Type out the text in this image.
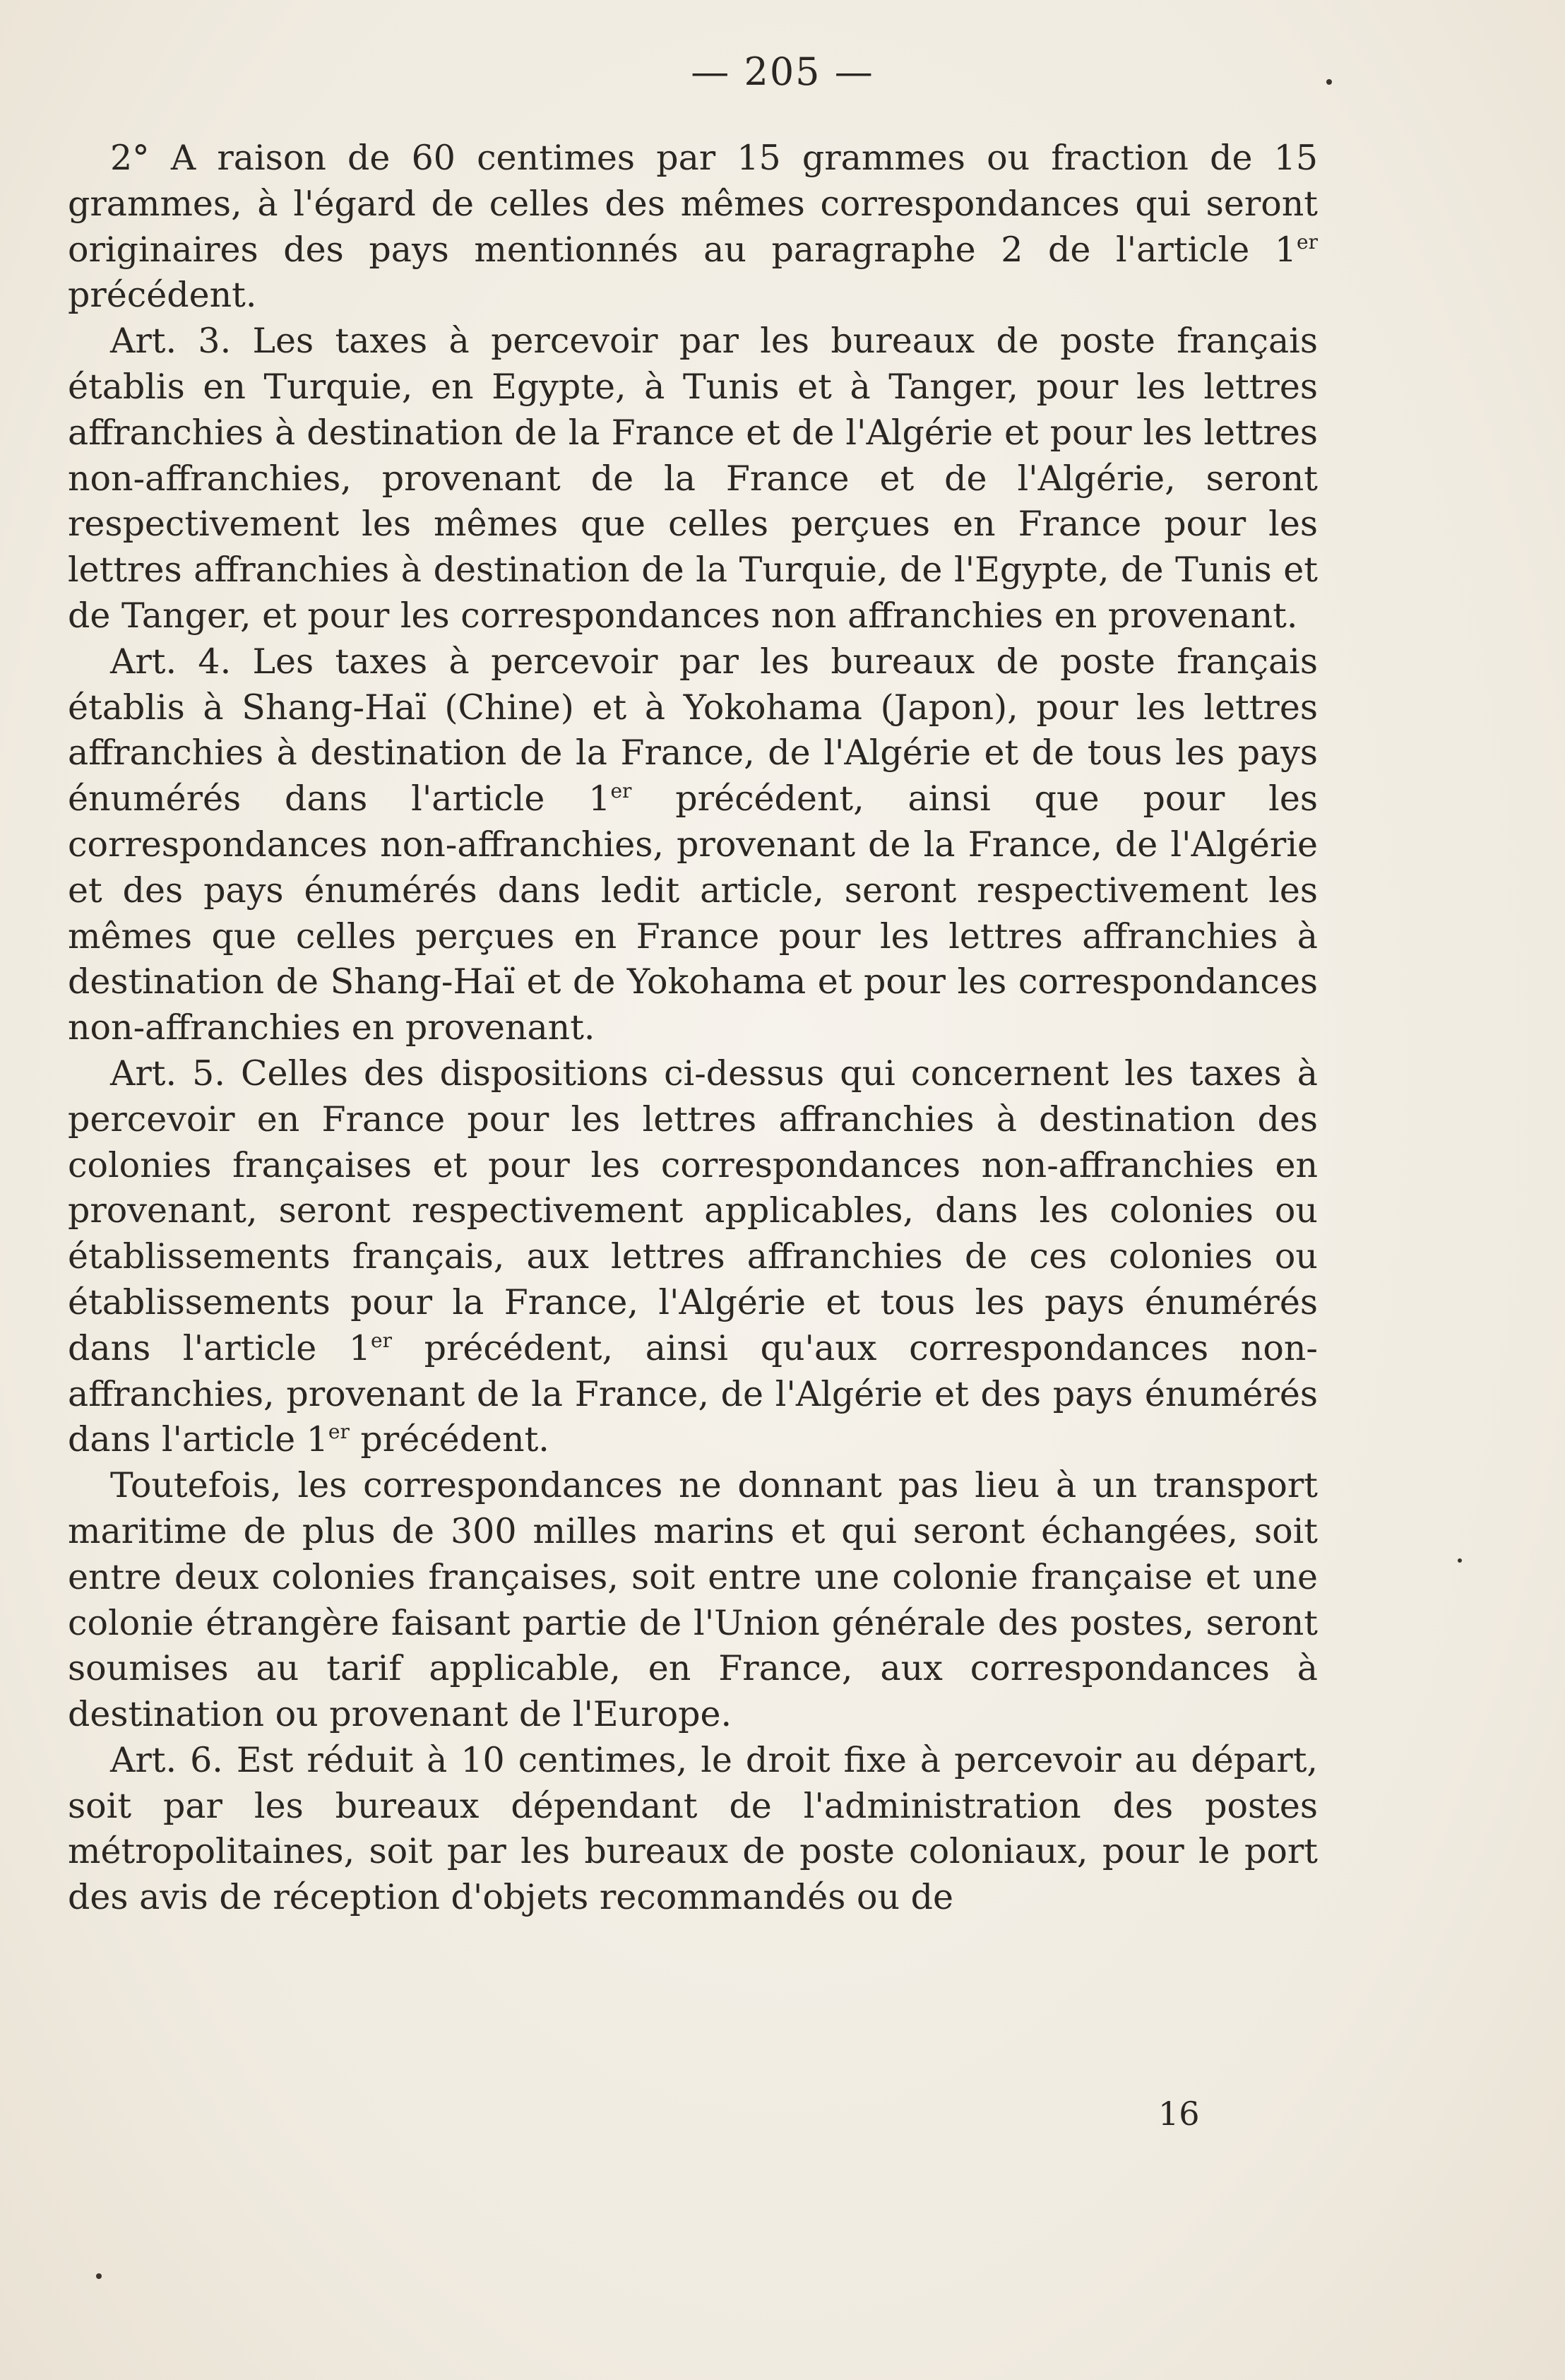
— 205 —

2° A raison de 60 centimes par 15 grammes ou fraction de 15 grammes, à l'égard de celles des mêmes correspondances qui seront originaires des pays mentionnés au paragraphe 2 de l'article 1er précédent.

Art. 3. Les taxes à percevoir par les bureaux de poste français établis en Turquie, en Egypte, à Tunis et à Tanger, pour les lettres affranchies à destination de la France et de l'Algérie et pour les lettres non-affranchies, provenant de la France et de l'Algérie, seront respectivement les mêmes que celles perçues en France pour les lettres affranchies à destination de la Turquie, de l'Egypte, de Tunis et de Tanger, et pour les correspondances non affranchies en provenant.

Art. 4. Les taxes à percevoir par les bureaux de poste français établis à Shang-Haï (Chine) et à Yokohama (Japon), pour les lettres affranchies à destination de la France, de l'Algérie et de tous les pays énumérés dans l'article 1er précédent, ainsi que pour les correspondances non-affranchies, provenant de la France, de l'Algérie et des pays énumérés dans ledit article, seront respectivement les mêmes que celles perçues en France pour les lettres affranchies à destination de Shang-Haï et de Yokohama et pour les correspondances non-affranchies en provenant.

Art. 5. Celles des dispositions ci-dessus qui concernent les taxes à percevoir en France pour les lettres affranchies à destination des colonies françaises et pour les correspondances non-affranchies en provenant, seront respectivement applicables, dans les colonies ou établissements français, aux lettres affranchies de ces colonies ou établissements pour la France, l'Algérie et tous les pays énumérés dans l'article 1er précédent, ainsi qu'aux correspondances non-affranchies, provenant de la France, de l'Algérie et des pays énumérés dans l'article 1er précédent.

Toutefois, les correspondances ne donnant pas lieu à un transport maritime de plus de 300 milles marins et qui seront échangées, soit entre deux colonies françaises, soit entre une colonie française et une colonie étrangère faisant partie de l'Union générale des postes, seront soumises au tarif applicable, en France, aux correspondances à destination ou provenant de l'Europe.

Art. 6. Est réduit à 10 centimes, le droit fixe à percevoir au départ, soit par les bureaux dépendant de l'administration des postes métropolitaines, soit par les bureaux de poste coloniaux, pour le port des avis de réception d'objets recommandés ou de

16
